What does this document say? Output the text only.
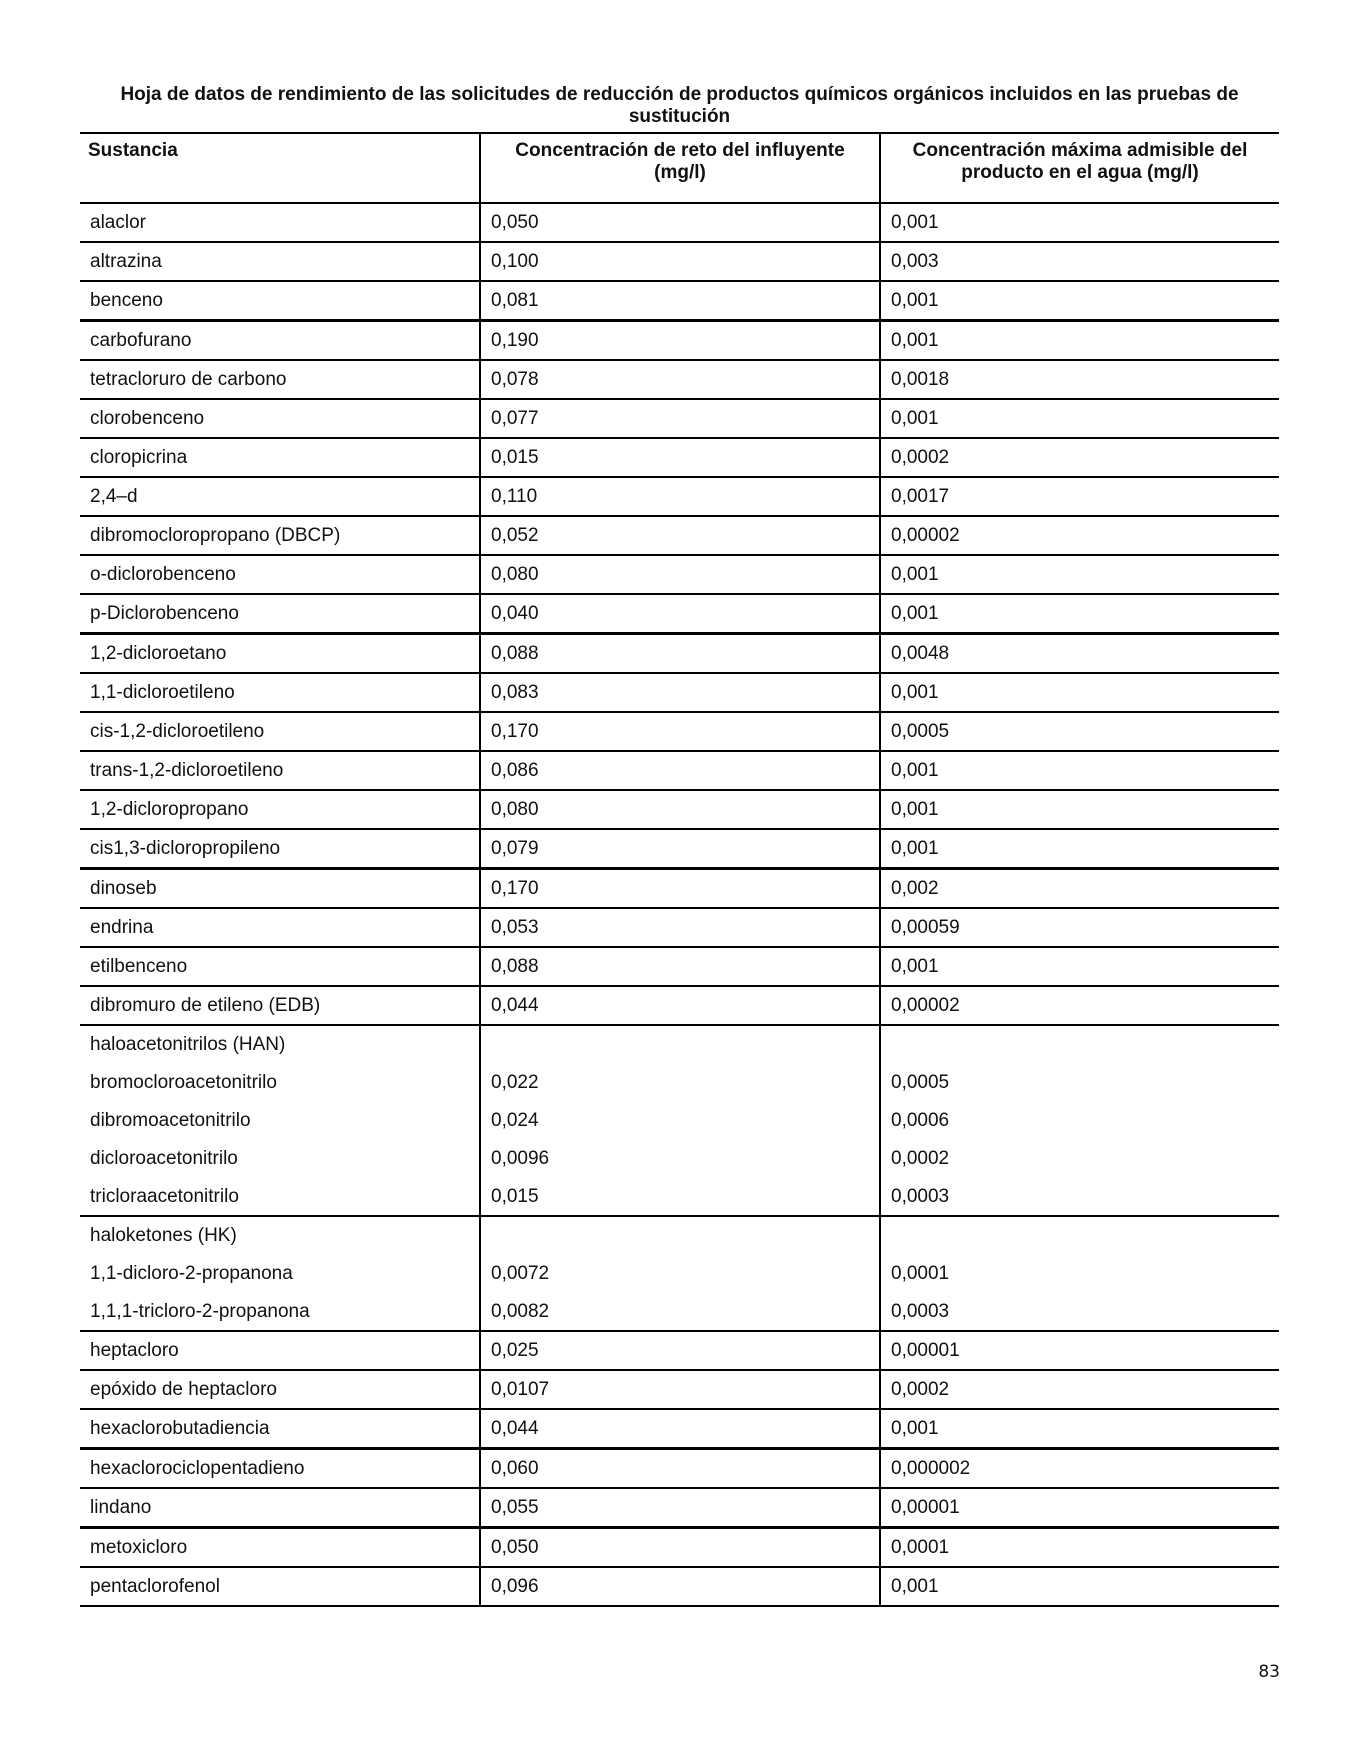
Hoja de datos de rendimiento de las solicitudes de reducción de productos químicos orgánicos incluidos en las pruebas de sustitución
Sustancia	Concentración de reto del influyente (mg/l)	Concentración máxima admisible del producto en el agua (mg/l)
alaclor	0,050	0,001
altrazina	0,100	0,003
benceno	0,081	0,001
carbofurano	0,190	0,001
tetracloruro de carbono	0,078	0,0018
clorobenceno	0,077	0,001
cloropicrina	0,015	0,0002
2,4–d	0,110	0,0017
dibromocloropropano (DBCP)	0,052	0,00002
o-diclorobenceno	0,080	0,001
p-Diclorobenceno	0,040	0,001
1,2-dicloroetano	0,088	0,0048
1,1-dicloroetileno	0,083	0,001
cis-1,2-dicloroetileno	0,170	0,0005
trans-1,2-dicloroetileno	0,086	0,001
1,2-dicloropropano	0,080	0,001
cis1,3-dicloropropileno	0,079	0,001
dinoseb	0,170	0,002
endrina	0,053	0,00059
etilbenceno	0,088	0,001
dibromuro de etileno (EDB)	0,044	0,00002
haloacetonitrilos (HAN)		
bromocloroacetonitrilo	0,022	0,0005
dibromoacetonitrilo	0,024	0,0006
dicloroacetonitrilo	0,0096	0,0002
tricloraacetonitrilo	0,015	0,0003
haloketones (HK)		
1,1-dicloro-2-propanona	0,0072	0,0001
1,1,1-tricloro-2-propanona	0,0082	0,0003
heptacloro	0,025	0,00001
epóxido de heptacloro	0,0107	0,0002
hexaclorobutadiencia	0,044	0,001
hexaclorociclopentadieno	0,060	0,000002
lindano	0,055	0,00001
metoxicloro	0,050	0,0001
pentaclorofenol	0,096	0,001
83
